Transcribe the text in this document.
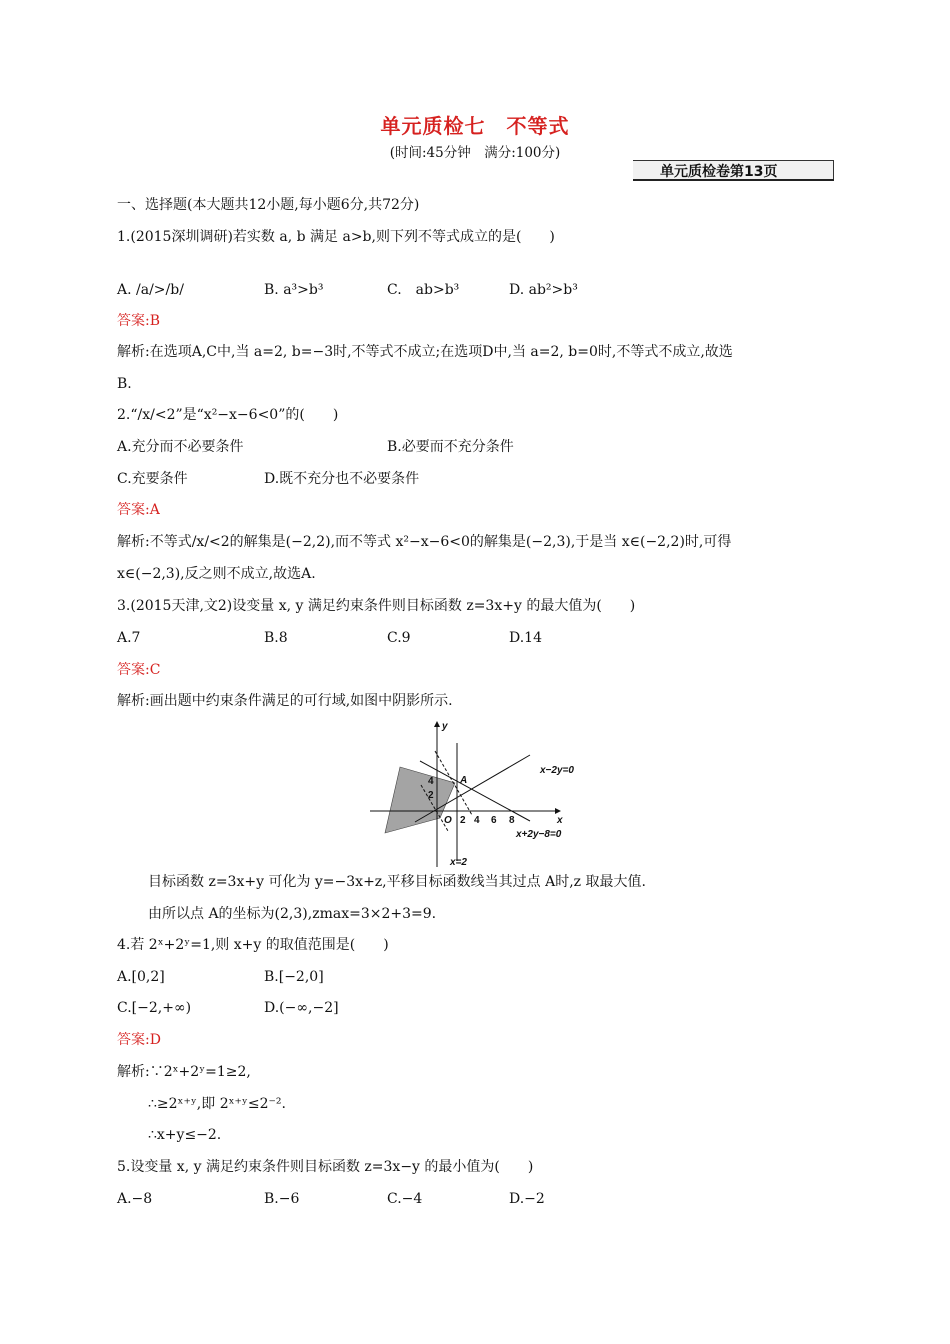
单元质检七　不等式
(时间:45分钟　满分:100分)
单元质检卷第13页
一、选择题(本大题共12小题,每小题6分,共72分)
1.(2015深圳调研)若实数 a, b 满足 a>b,则下列不等式成立的是(　　)
A. /a/>/b/	B. a³>b³	C.　ab>b³	D. ab²>b³
答案:B
解析:在选项A,C中,当 a=2, b=−3时,不等式不成立;在选项D中,当 a=2, b=0时,不等式不成立,故选
B.
2.“/x/<2”是“x²−x−6<0”的(　　)
A.充分而不必要条件	B.必要而不充分条件
C.充要条件	D.既不充分也不必要条件
答案:A
解析:不等式/x/<2的解集是(−2,2),而不等式 x²−x−6<0的解集是(−2,3),于是当 x∈(−2,2)时,可得
x∈(−2,3),反之则不成立,故选A.
3.(2015天津,文2)设变量 x, y 满足约束条件则目标函数 z=3x+y 的最大值为(　　)
A.7	B.8	C.9	D.14
答案:C
解析:画出题中约束条件满足的可行域,如图中阴影所示.
y
x
O
A
4
2
2 4 6 8
x−2y=0
x+2y−8=0
x=2
目标函数 z=3x+y 可化为 y=−3x+z,平移目标函数线当其过点 A时,z 取最大值.
由所以点 A的坐标为(2,3),zmax=3×2+3=9.
4.若 2ˣ+2ʸ=1,则 x+y 的取值范围是(　　)
A.[0,2]	B.[−2,0]
C.[−2,+∞)	D.(−∞,−2]
答案:D
解析:∵2ˣ+2ʸ=1≥2,
∴≥2ˣ⁺ʸ,即 2ˣ⁺ʸ≤2⁻².
∴x+y≤−2.
5.设变量 x, y 满足约束条件则目标函数 z=3x−y 的最小值为(　　)
A.−8	B.−6	C.−4	D.−2
